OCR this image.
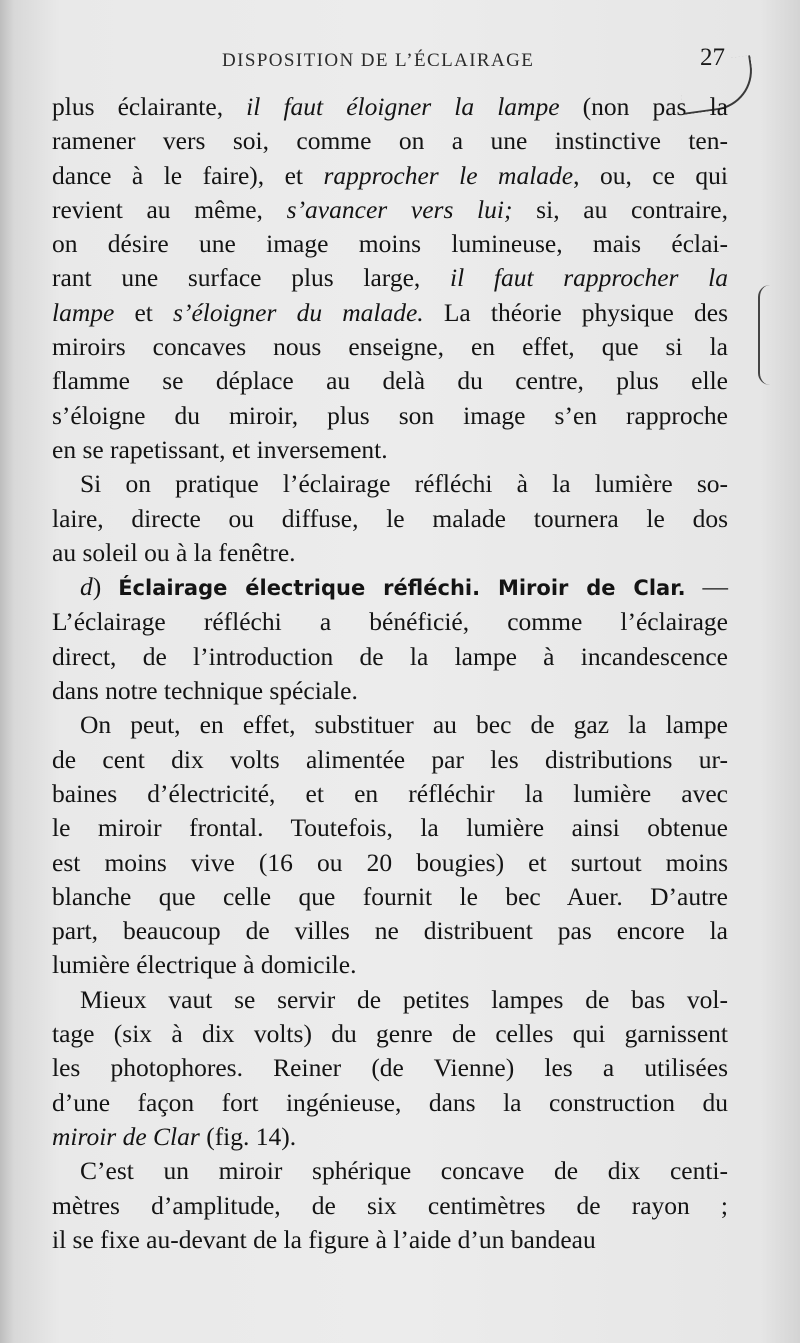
DISPOSITION DE L’ÉCLAIRAGE	27
plus éclairante, il faut éloigner la lampe (non pas la
ramener vers soi, comme on a une instinctive ten-
dance à le faire), et rapprocher le malade, ou, ce qui
revient au même, s’avancer vers lui; si, au contraire,
on désire une image moins lumineuse, mais éclai-
rant une surface plus large, il faut rapprocher la
lampe et s’éloigner du malade. La théorie physique des
miroirs concaves nous enseigne, en effet, que si la
flamme se déplace au delà du centre, plus elle
s’éloigne du miroir, plus son image s’en rapproche
en se rapetissant, et inversement.
Si on pratique l’éclairage réfléchi à la lumière so-
laire, directe ou diffuse, le malade tournera le dos
au soleil ou à la fenêtre.
d) Éclairage électrique réfléchi. Miroir de Clar. —
L’éclairage réfléchi a bénéficié, comme l’éclairage
direct, de l’introduction de la lampe à incandescence
dans notre technique spéciale.
On peut, en effet, substituer au bec de gaz la lampe
de cent dix volts alimentée par les distributions ur-
baines d’électricité, et en réfléchir la lumière avec
le miroir frontal. Toutefois, la lumière ainsi obtenue
est moins vive (16 ou 20 bougies) et surtout moins
blanche que celle que fournit le bec Auer. D’autre
part, beaucoup de villes ne distribuent pas encore la
lumière électrique à domicile.
Mieux vaut se servir de petites lampes de bas vol-
tage (six à dix volts) du genre de celles qui garnissent
les photophores. Reiner (de Vienne) les a utilisées
d’une façon fort ingénieuse, dans la construction du
miroir de Clar (fig. 14).
C’est un miroir sphérique concave de dix centi-
mètres d’amplitude, de six centimètres de rayon ;
il se fixe au-devant de la figure à l’aide d’un bandeau
